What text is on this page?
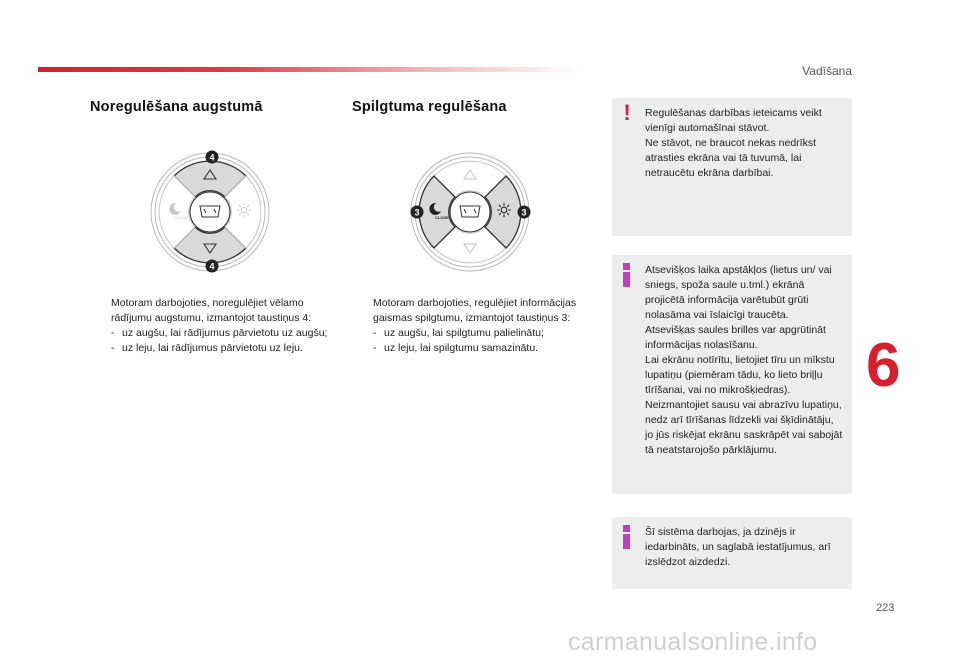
Vadīšana
Noregulēšana augstumā	Spilgtuma regulēšana
CLOSE
4
4
CLOSE
3	3

Motoram darbojoties, noregulējiet vēlamo rādījumu augstumu, izmantojot taustiņus 4:

- uz augšu, lai rādījumus pārvietotu uz augšu;
- uz leju, lai rādījumus pārvietotu uz leju.

Motoram darbojoties, regulējiet informācijas gaismas spilgtumu, izmantojot taustiņus 3:

- uz augšu, lai spilgtumu palielinātu;
- uz leju, lai spilgtumu samazinātu.
! Regulēšanas darbības ieteicams veikt vienīgi automašīnai stāvot.
Ne stāvot, ne braucot nekas nedrīkst atrasties ekrāna vai tā tuvumā, lai netraucētu ekrāna darbībai.
Atsevišķos laika apstākļos (lietus un/ vai sniegs, spoža saule u.tml.) ekrānā projicētā informācija varētubūt grūti nolasāma vai īslaicīgi traucēta.
Atsevišķas saules brilles var apgrūtināt informācijas nolasīšanu.
Lai ekrānu notīrītu, lietojiet tīru un mīkstu lupatiņu (piemēram tādu, ko lieto briļļu tīrīšanai, vai no mikrošķiedras).
Neizmantojiet sausu vai abrazīvu lupatiņu, nedz arī tīrīšanas līdzekli vai šķīdinātāju, jo jūs riskējat ekrānu saskrāpēt vai sabojāt tā neatstarojošo pārklājumu.
Šī sistēma darbojas, ja dzinējs ir iedarbināts, un saglabā iestatījumus, arī izslēdzot aizdedzi.
6
223
carmanualsonline.info
